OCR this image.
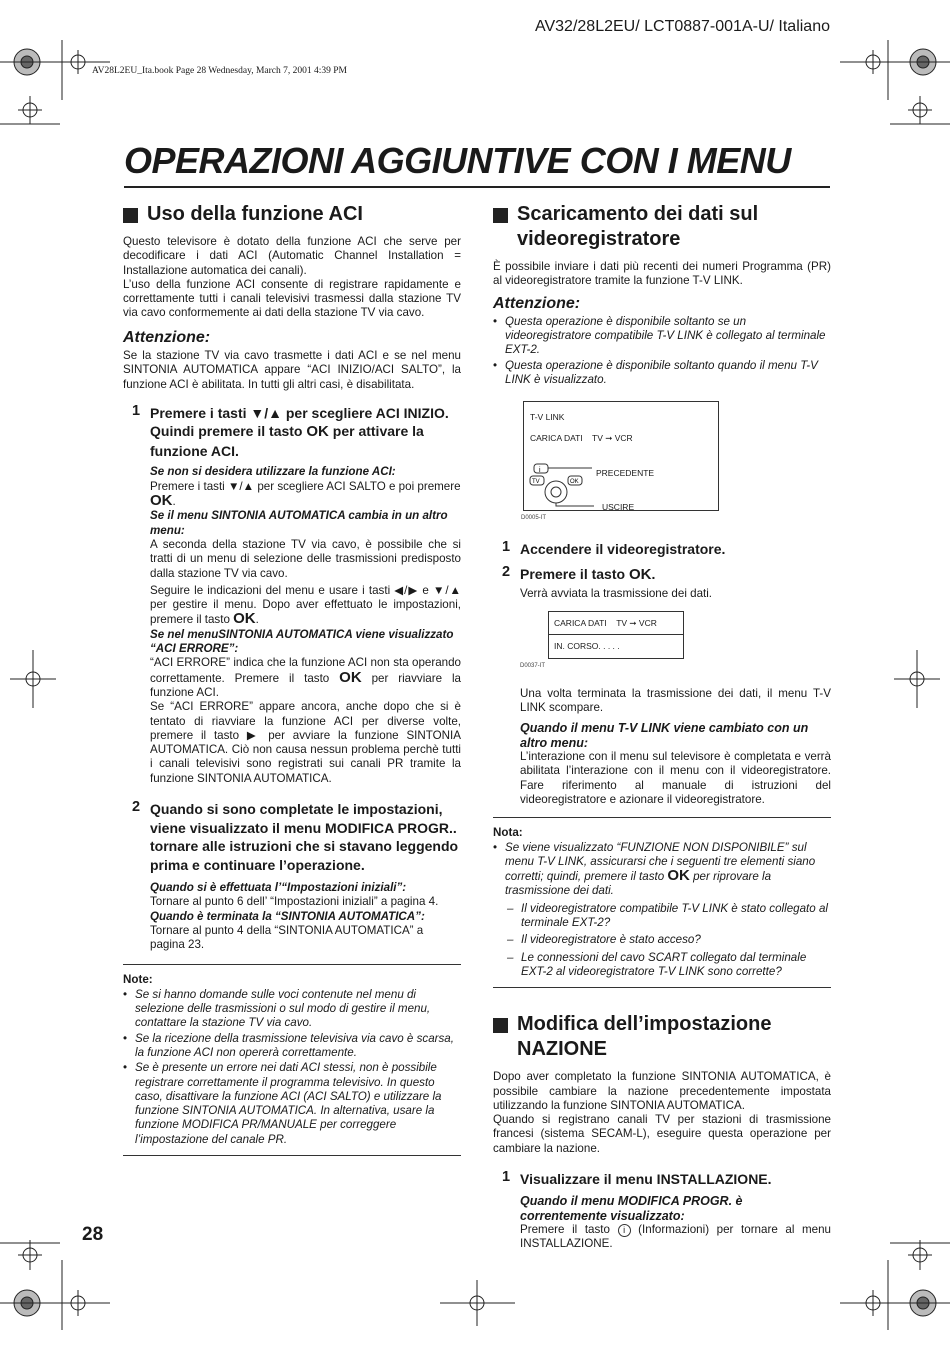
AV32/28L2EU/ LCT0887-001A-U/ Italiano
AV28L2EU_Ita.book Page 28 Wednesday, March 7, 2001 4:39 PM
OPERAZIONI AGGIUNTIVE CON I MENU
Uso della funzione ACI

Questo televisore è dotato della funzione ACI che serve per decodificare i dati ACI (Automatic Channel Installation = Installazione automatica dei canali).

L’uso della funzione ACI consente di registrare rapidamente e correttamente tutti i canali televisivi trasmessi dalla stazione TV via cavo conformemente ai dati della stazione TV via cavo.

Attenzione:

Se la stazione TV via cavo trasmette i dati ACI e se nel menu SINTONIA AUTOMATICA appare “ACI INIZIO/ACI SALTO”, la funzione ACI è abilitata. In tutti gli altri casi, è disabilitata.

1 Premere i tasti ▼/▲ per scegliere ACI INIZIO. Quindi premere il tasto OK per attivare la funzione ACI.
Se non si desidera utilizzare la funzione ACI:

Premere i tasti ▼/▲ per scegliere ACI SALTO e poi premere OK.

Se il menu SINTONIA AUTOMATICA cambia in un altro menu:

A seconda della stazione TV via cavo, è possibile che si tratti di un menu di selezione delle trasmissioni predisposto dalla stazione TV via cavo.

Seguire le indicazioni del menu e usare i tasti ◀/▶ e ▼/▲ per gestire il menu. Dopo aver effettuato le impostazioni, premere il tasto OK.

Se nel menuSINTONIA AUTOMATICA viene visualizzato “ACI ERRORE”:

“ACI ERRORE” indica che la funzione ACI non sta operando correttamente. Premere il tasto OK per riavviare la funzione ACI.

Se “ACI ERRORE” appare ancora, anche dopo che si è tentato di riavviare la funzione ACI per diverse volte, premere il tasto ▶ per avviare la funzione SINTONIA AUTOMATICA. Ciò non causa nessun problema perchè tutti i canali televisivi sono registrati sui canali PR tramite la funzione SINTONIA AUTOMATICA.

2 Quando si sono completate le impostazioni, viene visualizzato il menu MODIFICA PROGR.. tornare alle istruzioni che si stavano leggendo prima e continuare l’operazione.
Quando si è effettuata l’“Impostazioni iniziali”:

Tornare al punto 6 dell’ “Impostazioni iniziali” a pagina 4.

Quando è terminata la “SINTONIA AUTOMATICA”:

Tornare al punto 4 della “SINTONIA AUTOMATICA” a pagina 23.

Note:
• Se si hanno domande sulle voci contenute nel menu di selezione delle trasmissioni o sul modo di gestire il menu, contattare la stazione TV via cavo.
• Se la ricezione della trasmissione televisiva via cavo è scarsa, la funzione ACI non opererà correttamente.
• Se è presente un errore nei dati ACI stessi, non è possibile registrare correttamente il programma televisivo. In questo caso, disattivare la funzione ACI (ACI SALTO) e utilizzare la funzione SINTONIA AUTOMATICA. In alternativa, usare la funzione MODIFICA PR/MANUALE per correggere l’impostazione del canale PR.
Scaricamento dei dati sul videoregistratore

È possibile inviare i dati più recenti dei numeri Programma (PR) al videoregistratore tramite la funzione T-V LINK.

Attenzione:
• Questa operazione è disponibile soltanto se un videoregistratore compatibile T-V LINK è collegato al terminale EXT-2.
• Questa operazione è disponibile soltanto quando il menu T-V LINK è visualizzato.
T-V LINK
CARICA DATI TV ➞ VCR
i
TV	OK
PRECEDENTE
USCIRE
D0005-IT
1 Accendere il videoregistratore.
2 Premere il tasto OK.

Verrà avviata la trasmissione dei dati.

CARICA DATI TV ➞ VCR
IN. CORSO. . . . .
D0037-IT

Una volta terminata la trasmissione dei dati, il menu T-V LINK scompare.

Quando il menu T-V LINK viene cambiato con un altro menu:

L’interazione con il menu sul televisore è completata e verrà abilitata l’interazione con il menu con il videoregistratore. Fare riferimento al manuale di istruzioni del videoregistratore e azionare il videoregistratore.

Nota:
• Se viene visualizzato “FUNZIONE NON DISPONIBILE” sul menu T-V LINK, assicurarsi che i seguenti tre elementi siano corretti; quindi, premere il tasto OK per riprovare la trasmissione dei dati.
– Il videoregistratore compatibile T-V LINK è stato collegato al terminale EXT-2?
– Il videoregistratore è stato acceso?
– Le connessioni del cavo SCART collegato dal terminale EXT-2 al videoregistratore T-V LINK sono corrette?
Modifica dell’impostazione NAZIONE

Dopo aver completato la funzione SINTONIA AUTOMATICA, è possibile cambiare la nazione precedentemente impostata utilizzando la funzione SINTONIA AUTOMATICA.

Quando si registrano canali TV per stazioni di trasmissione francesi (sistema SECAM-L), eseguire questa operazione per cambiare la nazione.

1 Visualizzare il menu INSTALLAZIONE.
Quando il menu MODIFICA PROGR. è correntemente visualizzato:

Premere il tasto i (Informazioni) per tornare al menu INSTALLAZIONE.

28
